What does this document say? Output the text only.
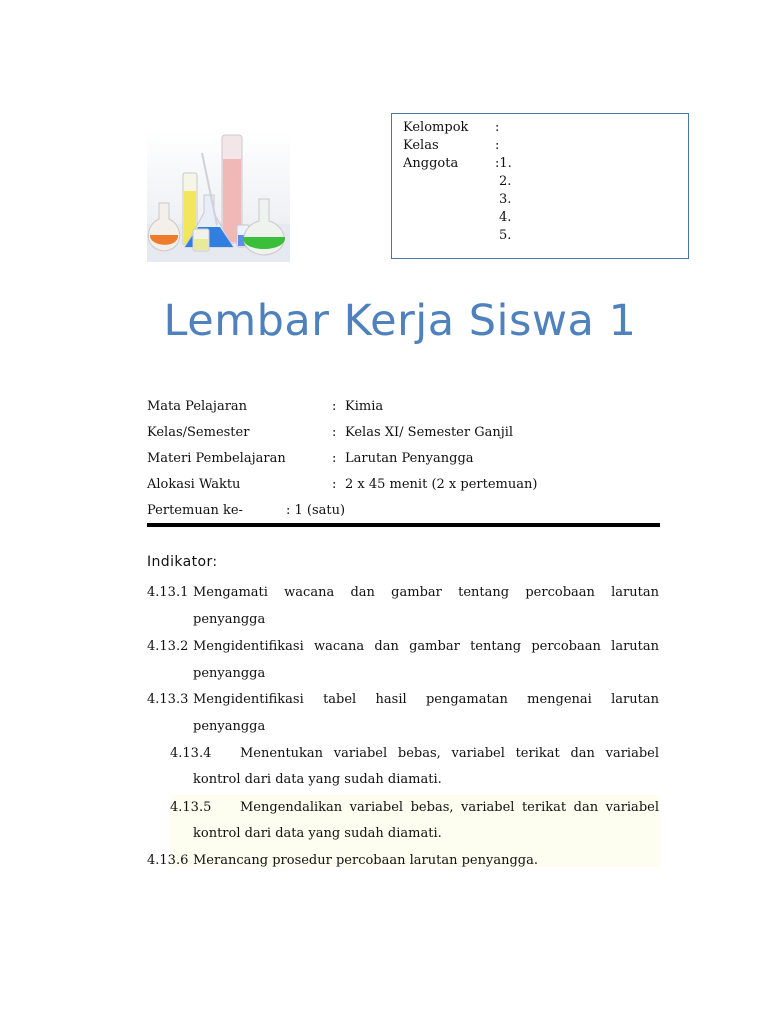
Kelompok :
Kelas	:
Anggota	:1.
2.
3.
4.
5.
Lembar Kerja Siswa 1
Mata Pelajaran	: Kimia
Kelas/Semester	: Kelas XI/ Semester Ganjil
Materi Pembelajaran	: Larutan Penyangga
Alokasi Waktu	: 2 x 45 menit (2 x pertemuan)
Pertemuan ke-	: 1 (satu)
Indikator:
4.13.1 Mengamati wacana dan gambar tentang percobaan larutan
penyangga
4.13.2 Mengidentifikasi wacana dan gambar tentang percobaan larutan
penyangga
4.13.3 Mengidentifikasi tabel hasil pengamatan mengenai larutan
penyangga
4.13.4 Menentukan variabel bebas, variabel terikat dan variabel
kontrol dari data yang sudah diamati.
4.13.5 Mengendalikan variabel bebas, variabel terikat dan variabel
kontrol dari data yang sudah diamati.
4.13.6 Merancang prosedur percobaan larutan penyangga.
